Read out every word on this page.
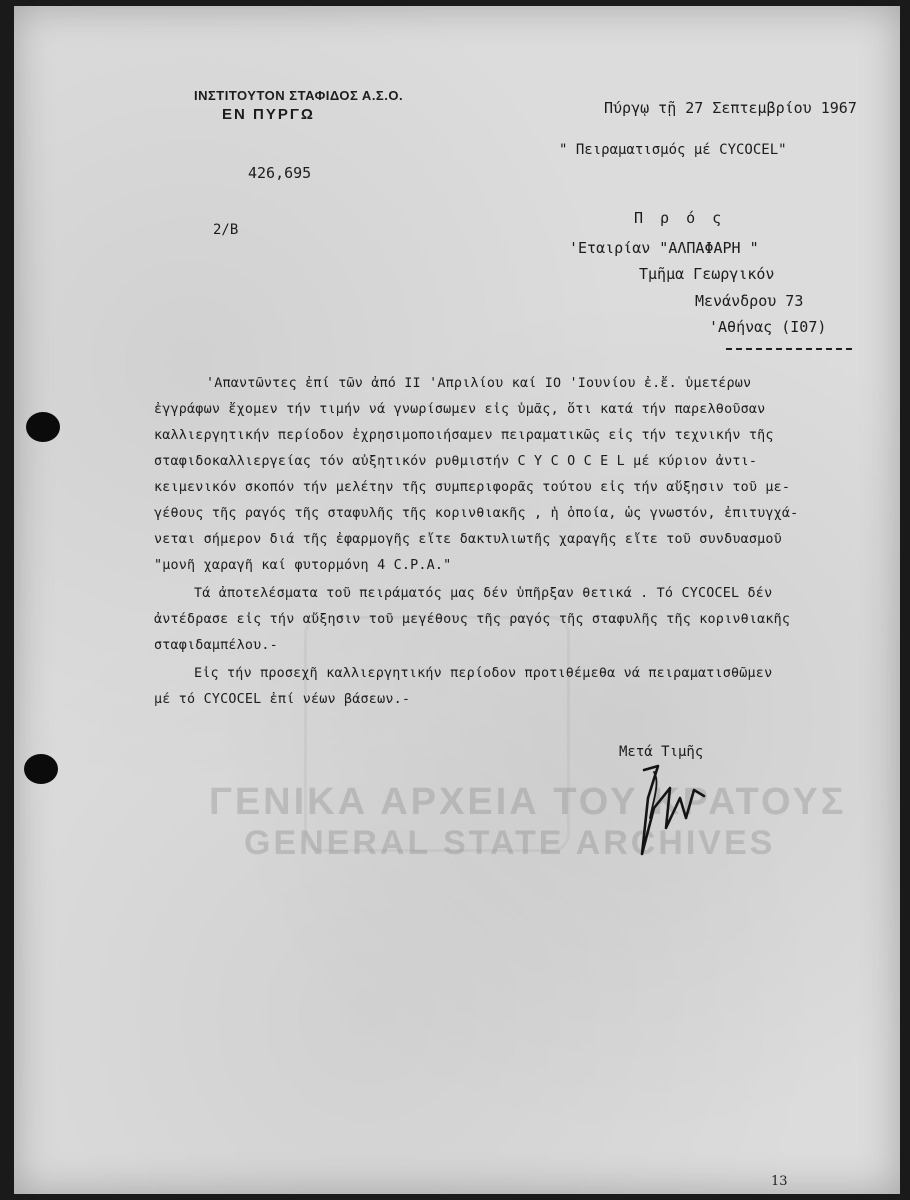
ΓΕΝΙΚΑ ΑΡΧΕΙΑ ΤΟΥ ΚΡΑΤΟΥΣ
GENERAL STATE ARCHIVES
ΙΝΣΤΙΤΟΥΤΟΝ ΣΤΑΦΙΔΟΣ Α.Σ.Ο.
ΕΝ ΠΥΡΓΩ	Πύργῳ τῇ 27 Σεπτεμβρίου 1967
" Πειραματισμός μέ CYCOCEL"
426,695
2/Β
Π ρ ό ς
'Εταιρίαν "ΑΛΠΑΦΑΡΗ "
Τμῆμα Γεωργικόν
Μενάνδρου 73
'Αθήνας (Ι07)
'Απαντῶντες ἐπί τῶν ἀπό ΙΙ 'Απριλίου καί ΙΟ 'Ιουνίου ἐ.ἔ. ὑμετέρων
ἐγγράφων ἔχομεν τήν τιμήν νά γνωρίσωμεν εἰς ὑμᾶς, ὅτι κατά τήν παρελθοῦσαν
καλλιεργητικήν περίοδον ἐχρησιμοποιήσαμεν πειραματικῶς εἰς τήν τεχνικήν τῆς
σταφιδοκαλλιεργείας τόν αὐξητικόν ρυθμιστήν C Y C O C E L μέ κύριον ἀντι-
κειμενικόν σκοπόν τήν μελέτην τῆς συμπεριφορᾶς τούτου εἰς τήν αὔξησιν τοῦ με-
γέθους τῆς ραγός τῆς σταφυλῆς τῆς κορινθιακῆς , ἡ ὁποία, ὡς γνωστόν, ἐπιτυγχά-
νεται σήμερον διά τῆς ἐφαρμογῆς εἴτε δακτυλιωτῆς χαραγῆς εἴτε τοῦ συνδυασμοῦ
"μονῆ χαραγῆ καί φυτορμόνη 4 C.P.A."
Τά ἀποτελέσματα τοῦ πειράματός μας δέν ὑπῆρξαν θετικά . Τό CYCOCEL δέν
ἀντέδρασε εἰς τήν αὔξησιν τοῦ μεγέθους τῆς ραγός τῆς σταφυλῆς τῆς κορινθιακῆς
σταφιδαμπέλου.-
Εἰς τήν προσεχῆ καλλιεργητικήν περίοδον προτιθέμεθα νά πειραματισθῶμεν
μέ τό CYCOCEL ἐπί νέων βάσεων.-
Μετά Τιμῆς
13
